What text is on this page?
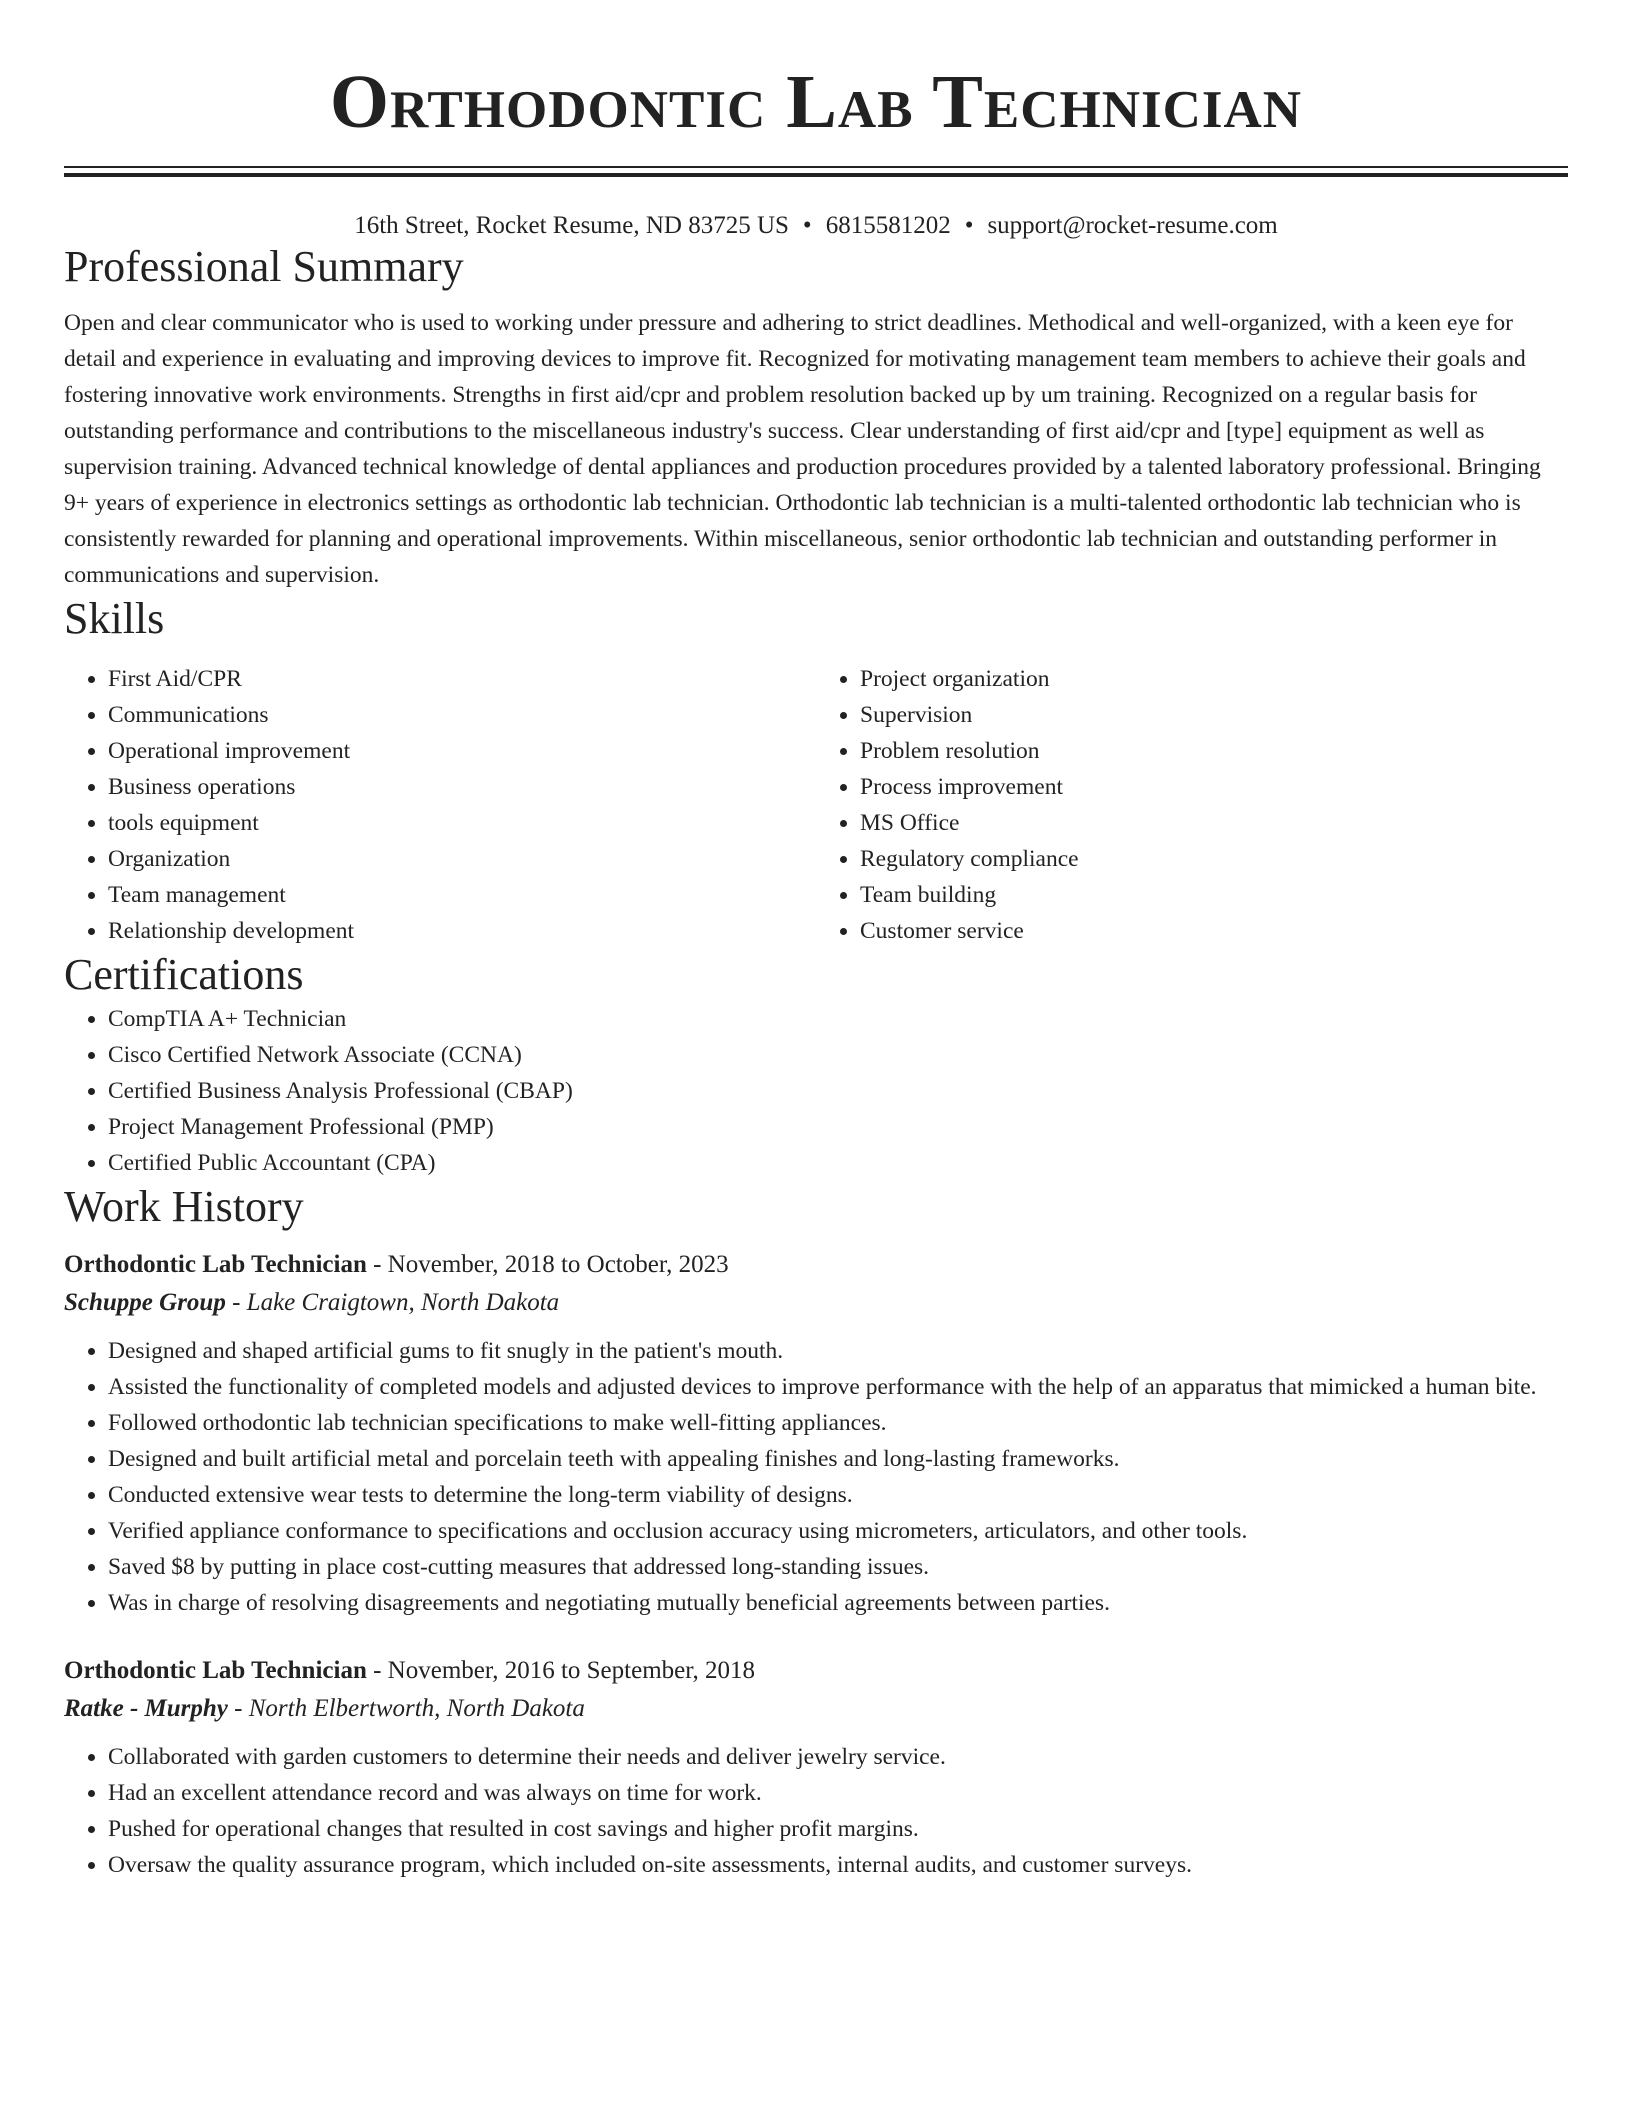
Orthodontic Lab Technician
16th Street, Rocket Resume, ND 83725 US • 6815581202 • support@rocket-resume.com
Professional Summary

Open and clear communicator who is used to working under pressure and adhering to strict deadlines. Methodical and well-organized, with a keen eye for detail and experience in evaluating and improving devices to improve fit. Recognized for motivating management team members to achieve their goals and fostering innovative work environments. Strengths in first aid/cpr and problem resolution backed up by um training. Recognized on a regular basis for outstanding performance and contributions to the miscellaneous industry's success. Clear understanding of first aid/cpr and [type] equipment as well as supervision training. Advanced technical knowledge of dental appliances and production procedures provided by a talented laboratory professional. Bringing 9+ years of experience in electronics settings as orthodontic lab technician. Orthodontic lab technician is a multi-talented orthodontic lab technician who is consistently rewarded for planning and operational improvements. Within miscellaneous, senior orthodontic lab technician and outstanding performer in communications and supervision.

Skills
• First Aid/CPR
• Communications
• Operational improvement
• Business operations
• tools equipment
• Organization
• Team management
• Relationship development
• Project organization
• Supervision
• Problem resolution
• Process improvement
• MS Office
• Regulatory compliance
• Team building
• Customer service
Certifications
• CompTIA A+ Technician
• Cisco Certified Network Associate (CCNA)
• Certified Business Analysis Professional (CBAP)
• Project Management Professional (PMP)
• Certified Public Accountant (CPA)
Work History
Orthodontic Lab Technician - November, 2018 to October, 2023
Schuppe Group - Lake Craigtown, North Dakota
• Designed and shaped artificial gums to fit snugly in the patient's mouth.
• Assisted the functionality of completed models and adjusted devices to improve performance with the help of an apparatus that mimicked a human bite.
• Followed orthodontic lab technician specifications to make well-fitting appliances.
• Designed and built artificial metal and porcelain teeth with appealing finishes and long-lasting frameworks.
• Conducted extensive wear tests to determine the long-term viability of designs.
• Verified appliance conformance to specifications and occlusion accuracy using micrometers, articulators, and other tools.
• Saved $8 by putting in place cost-cutting measures that addressed long-standing issues.
• Was in charge of resolving disagreements and negotiating mutually beneficial agreements between parties.
Orthodontic Lab Technician - November, 2016 to September, 2018
Ratke - Murphy - North Elbertworth, North Dakota
• Collaborated with garden customers to determine their needs and deliver jewelry service.
• Had an excellent attendance record and was always on time for work.
• Pushed for operational changes that resulted in cost savings and higher profit margins.
• Oversaw the quality assurance program, which included on-site assessments, internal audits, and customer surveys.
